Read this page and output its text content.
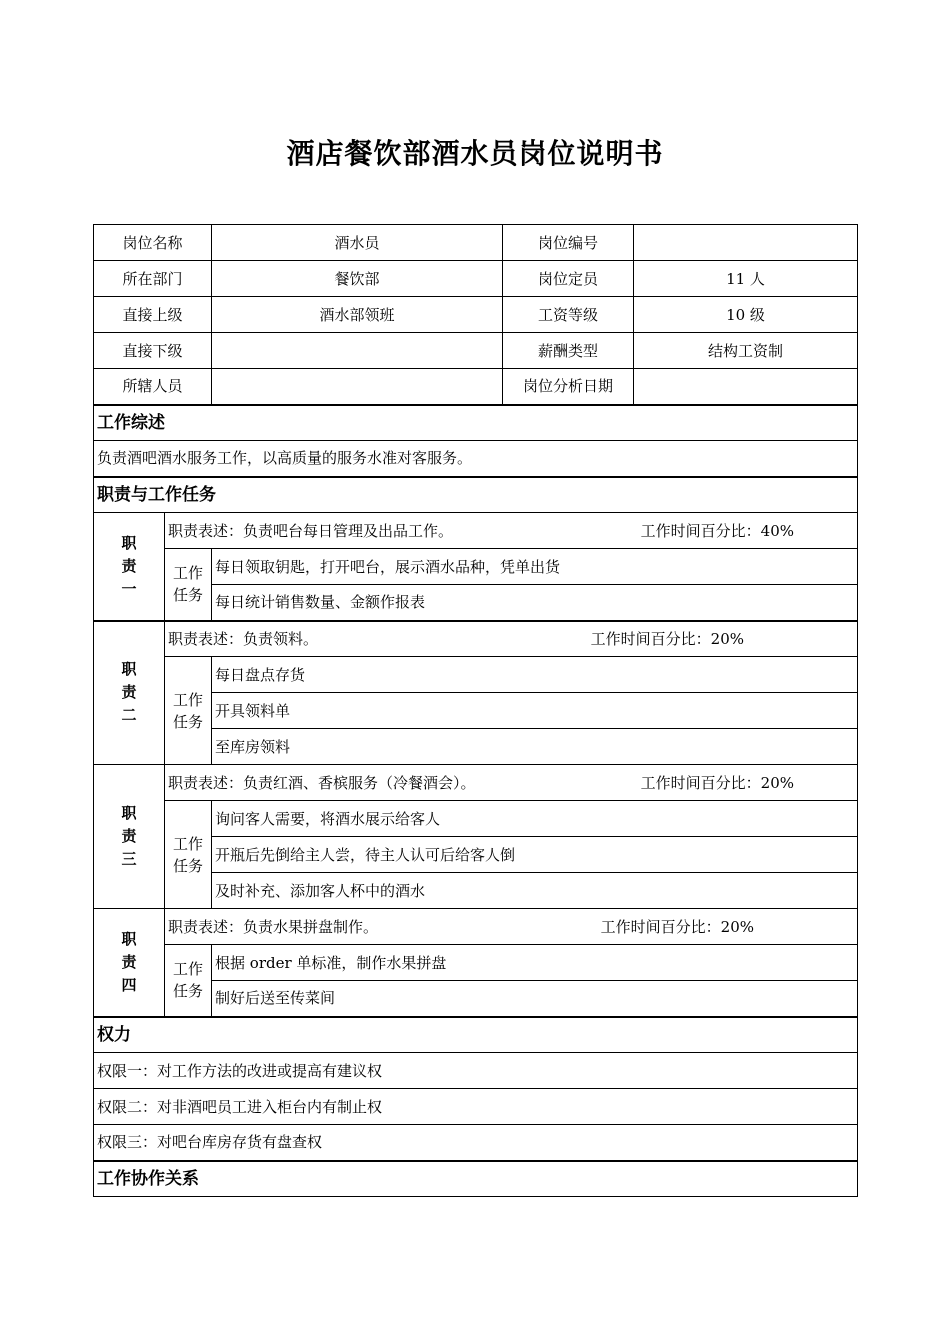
酒店餐饮部酒水员岗位说明书
岗位名称		酒水员	岗位编号	
所在部门		餐饮部	岗位定员	11 人
直接上级		酒水部领班	工资等级	10 级
直接下级			薪酬类型	结构工资制
所辖人员			岗位分析日期	
工作综述				
负责酒吧酒水服务工作，以高质量的服务水准对客服务。				
职责与工作任务				
职责一	职责表述：负责吧台每日管理及出品工作。 工作时间百分比：40%			

	工作任务	每日领取钥匙，打开吧台，展示酒水品种，凭单出货		
		每日统计销售数量、金额作报表		
职责二	职责表述：负责领料。 工作时间百分比：20%			

	工作任务	每日盘点存货		
		开具领料单		
		至库房领料		
职责三	职责表述：负责红酒、香槟服务（冷餐酒会）。 工作时间百分比：20%			

	工作任务	询问客人需要，将酒水展示给客人		
		开瓶后先倒给主人尝，待主人认可后给客人倒		
		及时补充、添加客人杯中的酒水		
职责四	职责表述：负责水果拼盘制作。 工作时间百分比：20%			

	工作任务	根据 order 单标准，制作水果拼盘		
		制好后送至传菜间		
权力				
权限一：对工作方法的改进或提高有建议权				
权限二：对非酒吧员工进入柜台内有制止权				
权限三：对吧台库房存货有盘查权				
工作协作关系				
